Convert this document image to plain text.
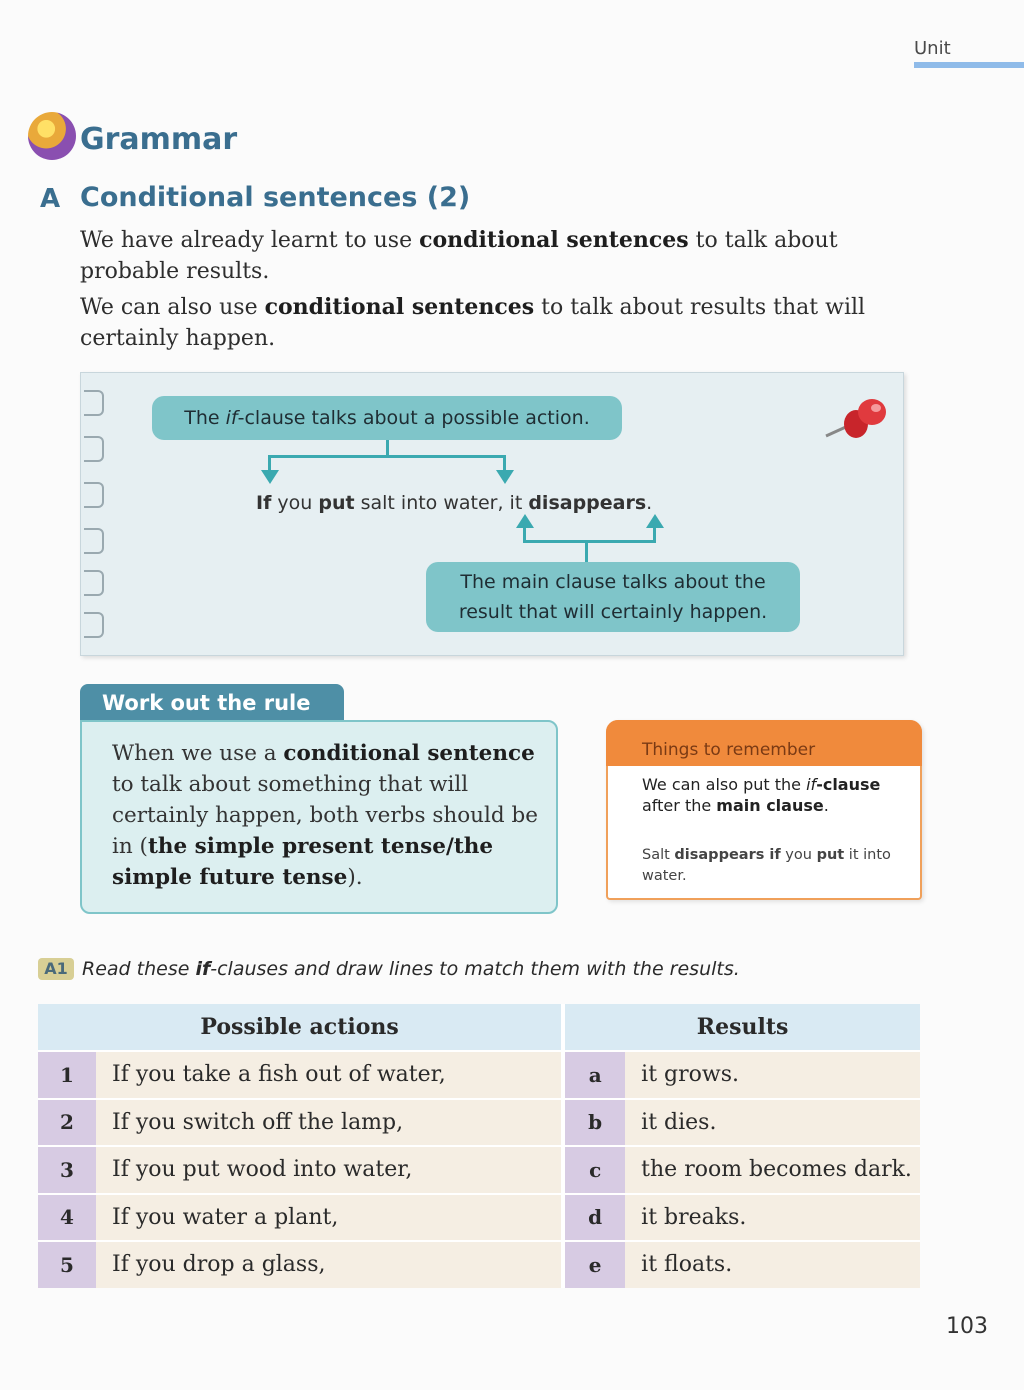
Unit
Grammar
A Conditional sentences (2)
We have already learnt to use conditional sentences to talk about probable results.
We can also use conditional sentences to talk about results that will certainly happen.
The if-clause talks about a possible action.
If you put salt into water, it disappears.
The main clause talks about the
result that will certainly happen.
Work out the rule
When we use a conditional sentence to talk about something that will certainly happen, both verbs should be in (the simple present tense/the simple future tense).
Things to remember
We can also put the if-clause after the main clause.
Salt disappears if you put it into water.
A1 Read these if-clauses and draw lines to match them with the results.
Possible actions		Results	
1	If you take a fish out of water,	a	it grows.
2	If you switch off the lamp,	b	it dies.
3	If you put wood into water,	c	the room becomes dark.
4	If you water a plant,	d	it breaks.
5	If you drop a glass,	e	it floats.
103
